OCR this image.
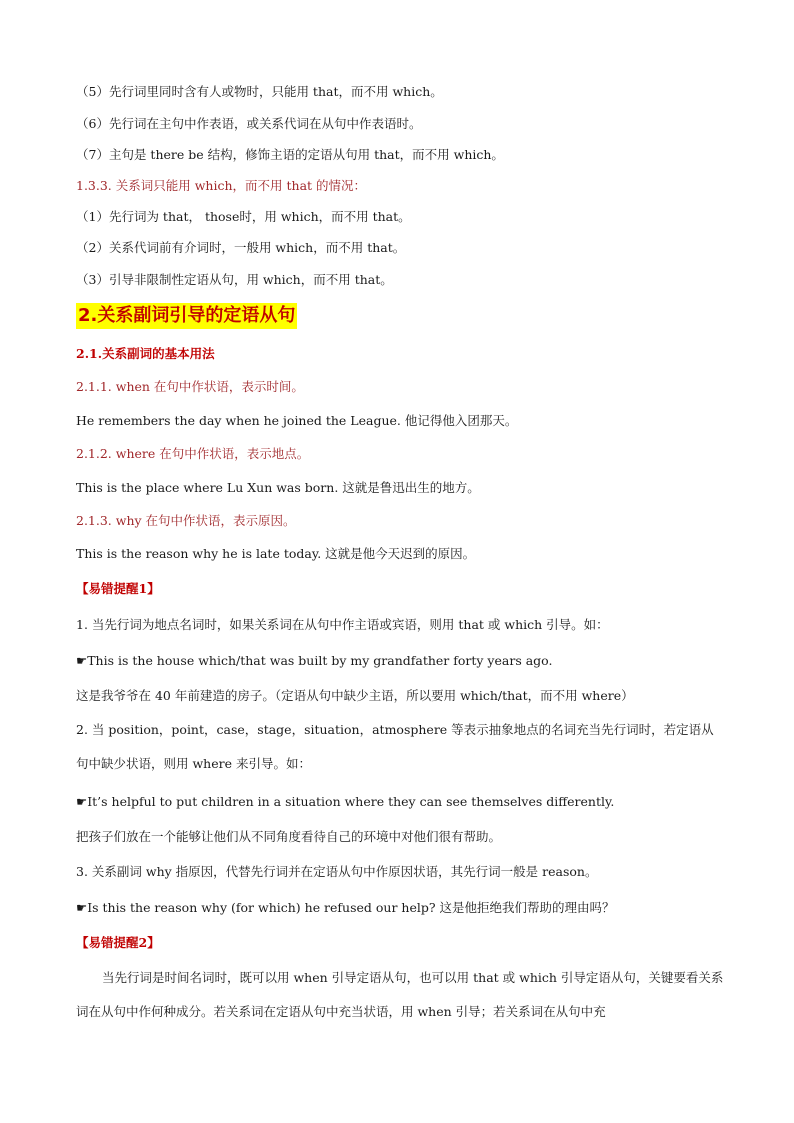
（5）先行词里同时含有人或物时，只能用 that，而不用 which。
（6）先行词在主句中作表语，或关系代词在从句中作表语时。
（7）主句是 there be 结构，修饰主语的定语从句用 that，而不用 which。
1.3.3. 关系词只能用 which，而不用 that 的情况：
（1）先行词为 that， those时，用 which，而不用 that。
（2）关系代词前有介词时，一般用 which，而不用 that。
（3）引导非限制性定语从句，用 which，而不用 that。
2.关系副词引导的定语从句
2.1.关系副词的基本用法
2.1.1. when 在句中作状语，表示时间。
He remembers the day when he joined the League. 他记得他入团那天。
2.1.2. where 在句中作状语，表示地点。
This is the place where Lu Xun was born. 这就是鲁迅出生的地方。
2.1.3. why 在句中作状语，表示原因。
This is the reason why he is late today. 这就是他今天迟到的原因。
【易错提醒1】
1. 当先行词为地点名词时，如果关系词在从句中作主语或宾语，则用 that 或 which 引导。如：
☛This is the house which/that was built by my grandfather forty years ago.
这是我爷爷在 40 年前建造的房子。（定语从句中缺少主语，所以要用 which/that，而不用 where）
2. 当 position，point，case，stage，situation，atmosphere 等表示抽象地点的名词充当先行词时，若定语从句中缺少状语，则用 where 来引导。如：
☛It’s helpful to put children in a situation where they can see themselves differently.
把孩子们放在一个能够让他们从不同角度看待自己的环境中对他们很有帮助。
3. 关系副词 why 指原因，代替先行词并在定语从句中作原因状语，其先行词一般是 reason。
☛Is this the reason why (for which) he refused our help? 这是他拒绝我们帮助的理由吗？
【易错提醒2】
当先行词是时间名词时，既可以用 when 引导定语从句，也可以用 that 或 which 引导定语从句，关键要看关系词在从句中作何种成分。若关系词在定语从句中充当状语，用 when 引导；若关系词在从句中充
